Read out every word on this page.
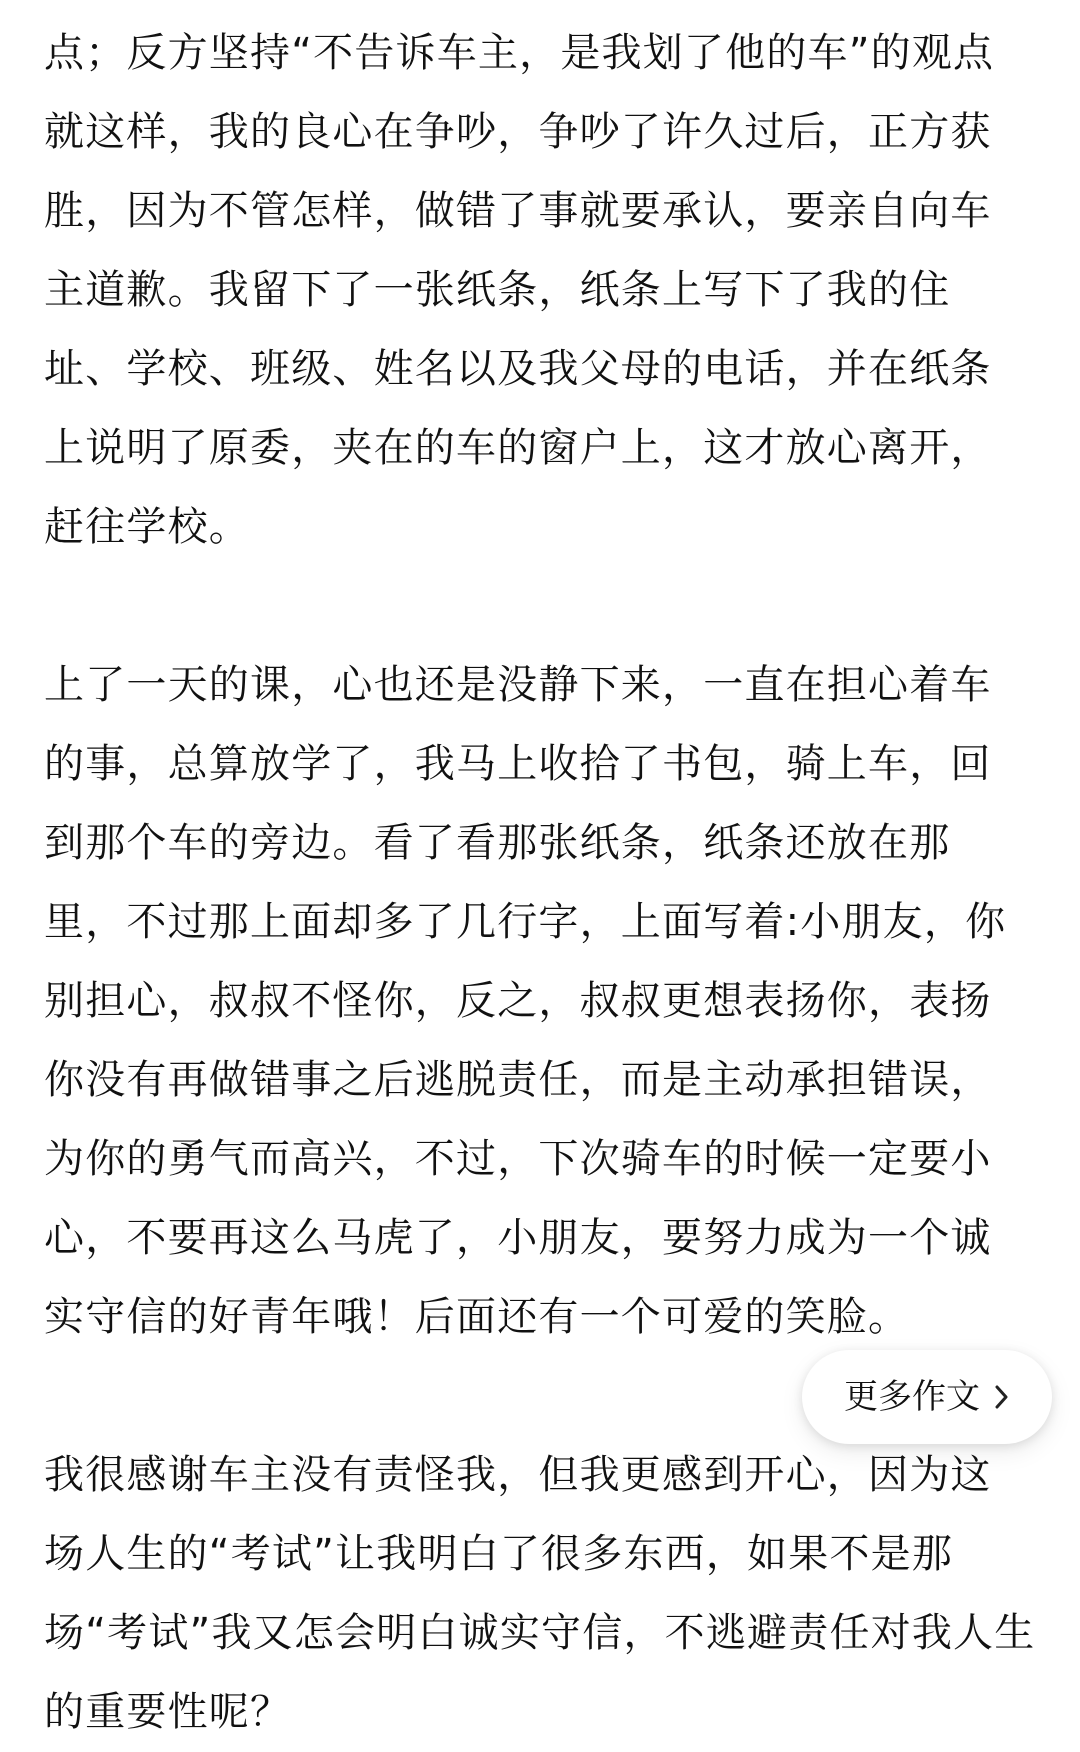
点；反方坚持“不告诉车主，是我划了他的车”的观点
就这样，我的良心在争吵，争吵了许久过后，正方获
胜，因为不管怎样，做错了事就要承认，要亲自向车
主道歉。我留下了一张纸条，纸条上写下了我的住
址、学校、班级、姓名以及我父母的电话，并在纸条
上说明了原委，夹在的车的窗户上，这才放心离开，
赶往学校。

上了一天的课，心也还是没静下来，一直在担心着车
的事，总算放学了，我马上收拾了书包，骑上车，回
到那个车的旁边。看了看那张纸条，纸条还放在那
里，不过那上面却多了几行字，上面写着:小朋友，你
别担心，叔叔不怪你，反之，叔叔更想表扬你，表扬
你没有再做错事之后逃脱责任，而是主动承担错误，
为你的勇气而高兴，不过，下次骑车的时候一定要小
心，不要再这么马虎了，小朋友，要努力成为一个诚
实守信的好青年哦！后面还有一个可爱的笑脸。

我很感谢车主没有责怪我，但我更感到开心，因为这
场人生的“考试”让我明白了很多东西，如果不是那
场“考试”我又怎会明白诚实守信，不逃避责任对我人生
的重要性呢？

更多作文
